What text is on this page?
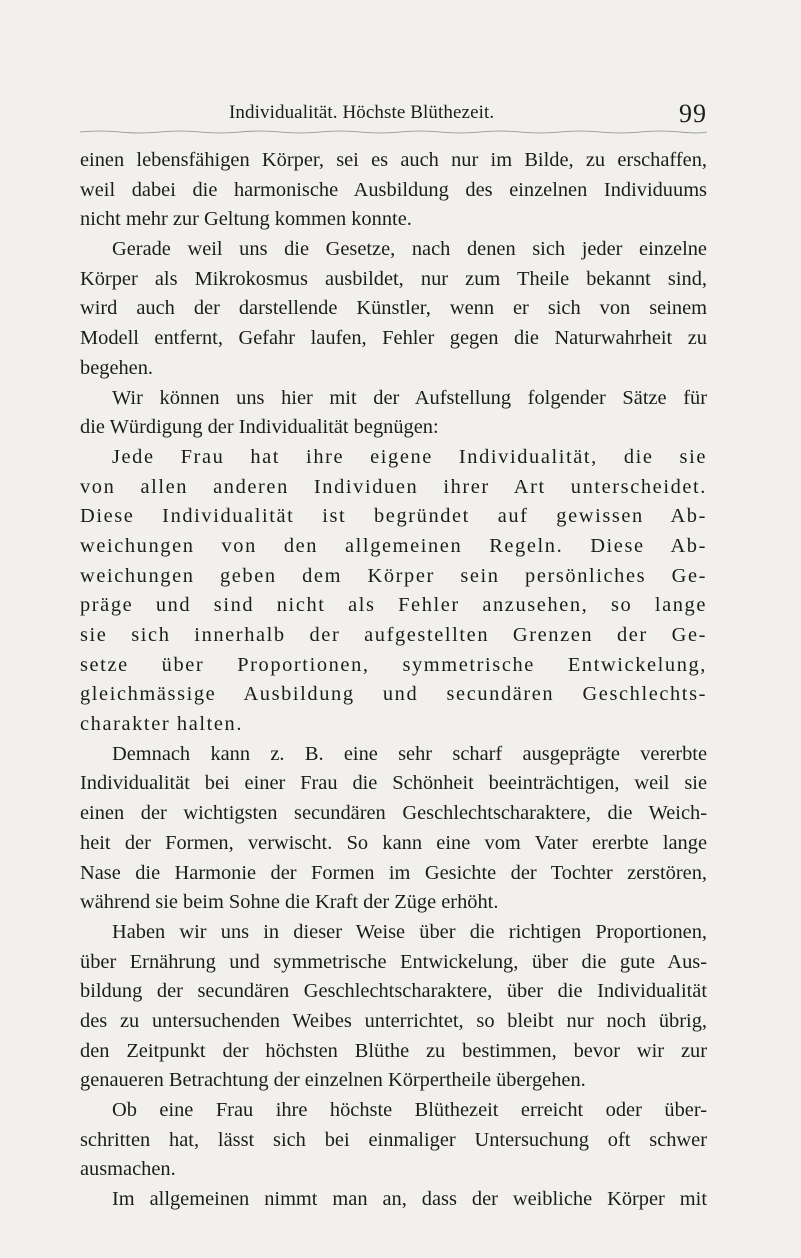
Individualität. Höchste Blüthezeit.	99
einen lebensfähigen Körper, sei es auch nur im Bilde, zu erschaffen,
weil dabei die harmonische Ausbildung des einzelnen Individuums
nicht mehr zur Geltung kommen konnte.
Gerade weil uns die Gesetze, nach denen sich jeder einzelne
Körper als Mikrokosmus ausbildet, nur zum Theile bekannt sind,
wird auch der darstellende Künstler, wenn er sich von seinem
Modell entfernt, Gefahr laufen, Fehler gegen die Naturwahrheit zu
begehen.
Wir können uns hier mit der Aufstellung folgender Sätze für
die Würdigung der Individualität begnügen:
Jede Frau hat ihre eigene Individualität, die sie
von allen anderen Individuen ihrer Art unterscheidet.
Diese Individualität ist begründet auf gewissen Ab-
weichungen von den allgemeinen Regeln. Diese Ab-
weichungen geben dem Körper sein persönliches Ge-
präge und sind nicht als Fehler anzusehen, so lange
sie sich innerhalb der aufgestellten Grenzen der Ge-
setze über Proportionen, symmetrische Entwickelung,
gleichmässige Ausbildung und secundären Geschlechts-
charakter halten.
Demnach kann z. B. eine sehr scharf ausgeprägte vererbte
Individualität bei einer Frau die Schönheit beeinträchtigen, weil sie
einen der wichtigsten secundären Geschlechtscharaktere, die Weich-
heit der Formen, verwischt. So kann eine vom Vater ererbte lange
Nase die Harmonie der Formen im Gesichte der Tochter zerstören,
während sie beim Sohne die Kraft der Züge erhöht.
Haben wir uns in dieser Weise über die richtigen Proportionen,
über Ernährung und symmetrische Entwickelung, über die gute Aus-
bildung der secundären Geschlechtscharaktere, über die Individualität
des zu untersuchenden Weibes unterrichtet, so bleibt nur noch übrig,
den Zeitpunkt der höchsten Blüthe zu bestimmen, bevor wir zur
genaueren Betrachtung der einzelnen Körpertheile übergehen.
Ob eine Frau ihre höchste Blüthezeit erreicht oder über-
schritten hat, lässt sich bei einmaliger Untersuchung oft schwer
ausmachen.
Im allgemeinen nimmt man an, dass der weibliche Körper mit
